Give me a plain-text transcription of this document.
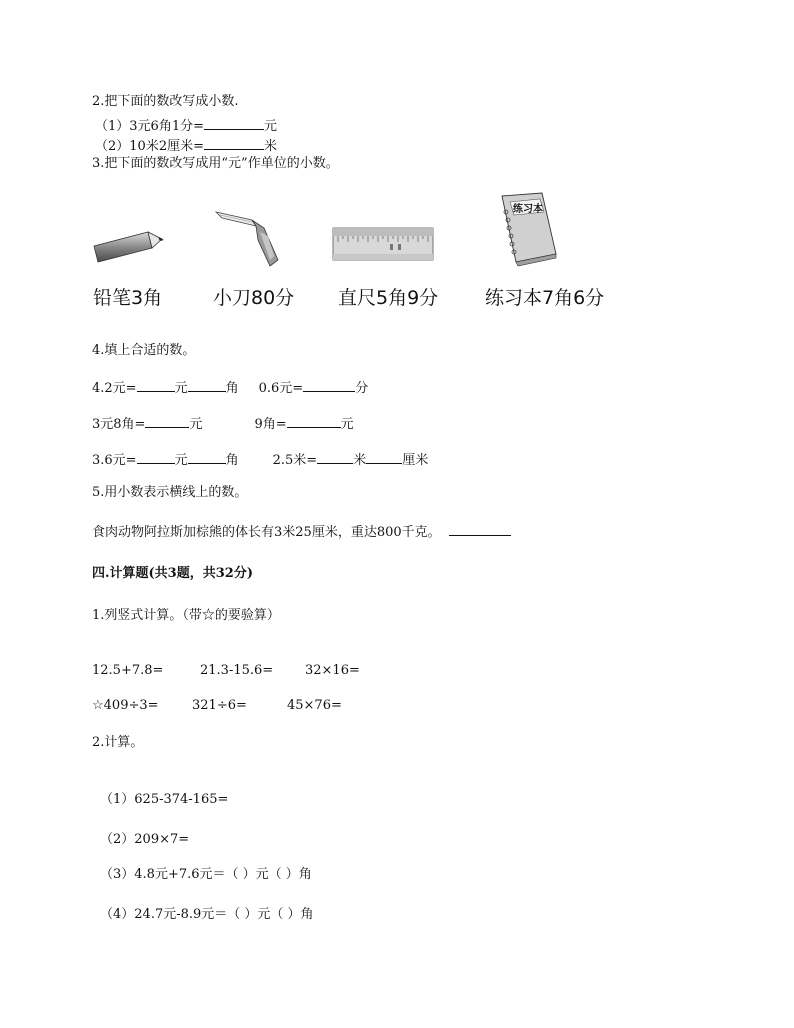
2.把下面的数改写成小数.
（1）3元6角1分=	元
（2）10米2厘米=	米
3.把下面的数改写成用“元”作单位的小数。
练习本
铅笔3角	小刀80分 直尺5角9分 练习本7角6分
4.填上合适的数。
4.2元=	元	角 0.6元=	分
3元8角=	元	9角=	元
3.6元=	元	角	2.5米=	米	厘米
5.用小数表示横线上的数。
食肉动物阿拉斯加棕熊的体长有3米25厘米，重达800千克。
四.计算题(共3题，共32分)
1.列竖式计算。（带☆的要验算）
12.5+7.8=	21.3-15.6= 32×16=
☆409÷3=	321÷6=	45×76=
2.计算。
（1）625-374-165=
（2）209×7=
（3）4.8元+7.6元＝（ ）元（ ）角
（4）24.7元-8.9元＝（ ）元（ ）角
